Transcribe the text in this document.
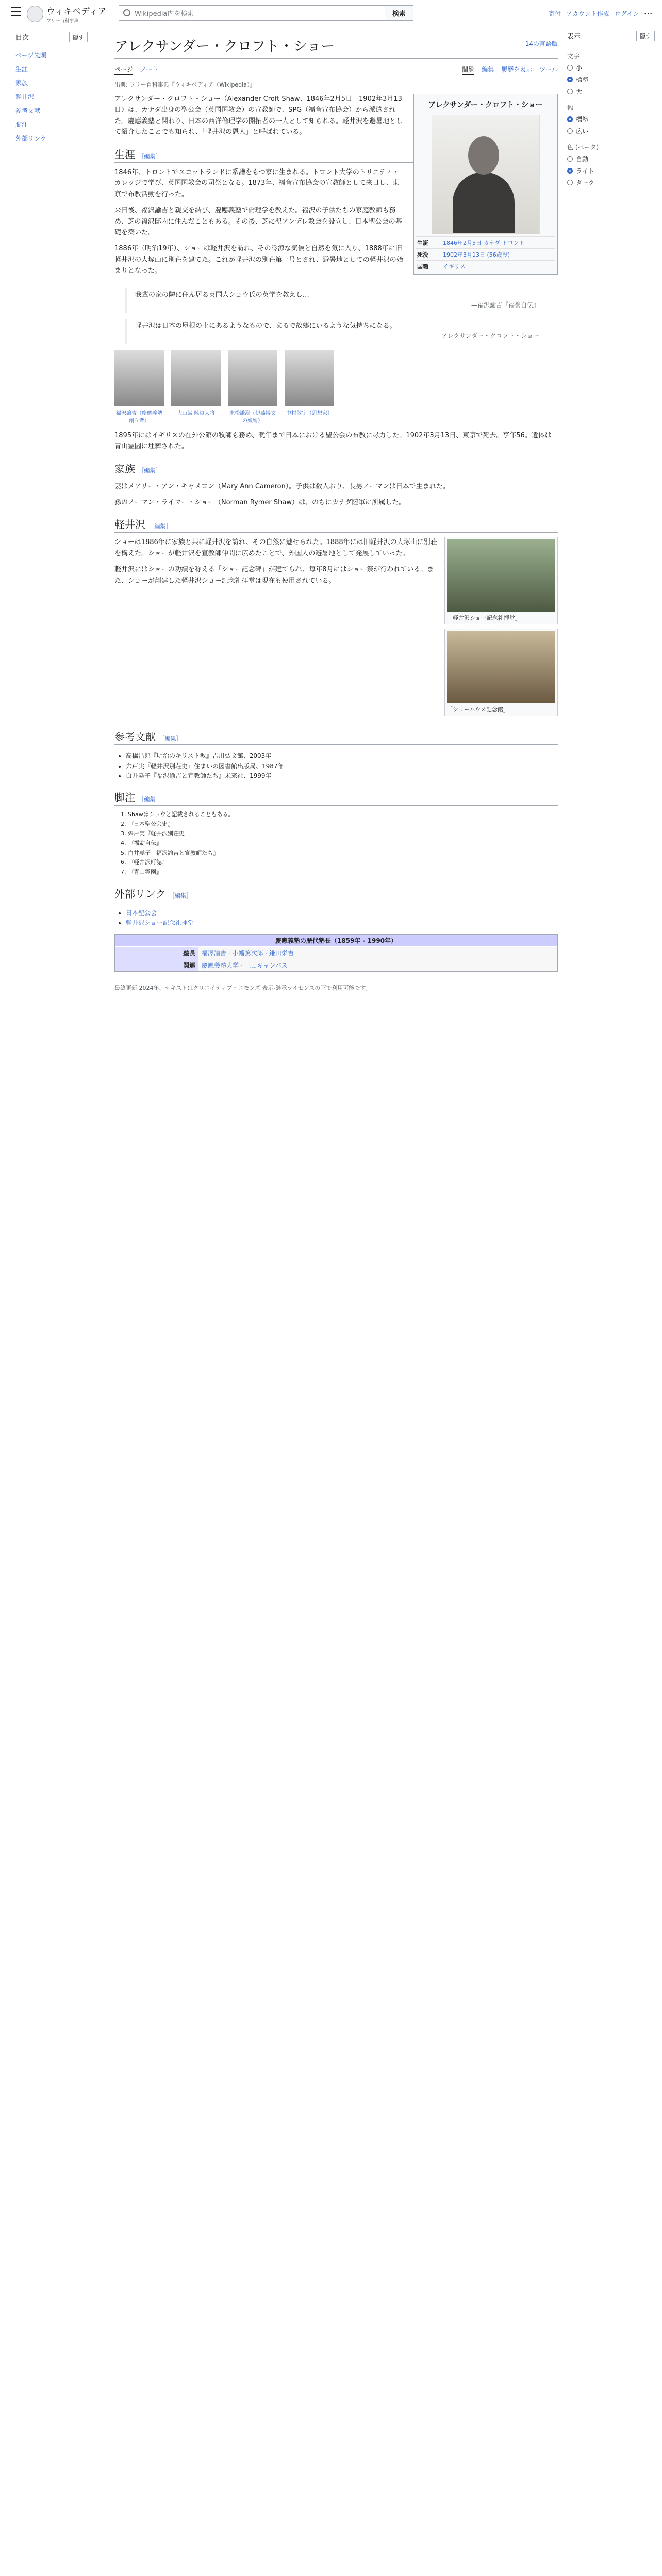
ウィキペディア
フリー百科事典
Wikipedia内を検索	検索	寄付 アカウント作成 ログイン ···
目次	隠す
ページ先頭
生涯
家族
軽井沢
参考文献
脚注
外部リンク
アレクサンダー・クロフト・ショー	14の言語版
ページ ノート	閲覧 編集 履歴を表示 ツール
出典: フリー百科事典『ウィキペディア（Wikipedia）』
アレクサンダー・クロフト・ショー
生誕	1846年2月5日 カナダ トロント
死没	1902年3月13日 (56歳没)
国籍	イギリス

アレクサンダー・クロフト・ショー（Alexander Croft Shaw、1846年2月5日 - 1902年3月13日）は、カナダ出身の聖公会（英国国教会）の宣教師で、SPG（福音宣布協会）から派遣された。慶應義塾と関わり、日本の西洋倫理学の開拓者の一人として知られる。軽井沢を避暑地として紹介したことでも知られ、「軽井沢の恩人」と呼ばれている。

生涯 ［編集］

1846年、トロントでスコットランドに系譜をもつ家に生まれる。トロント大学のトリニティ・カレッジで学び、英国国教会の司祭となる。1873年、福音宣布協会の宣教師として来日し、東京で布教活動を行った。

来日後、福沢諭吉と親交を結び、慶應義塾で倫理学を教えた。福沢の子供たちの家庭教師も務め、芝の福沢邸内に住んだこともある。その後、芝に聖アンデレ教会を設立し、日本聖公会の基礎を築いた。

1886年（明治19年）、ショーは軽井沢を訪れ、その冷涼な気候と自然を気に入り、1888年に旧軽井沢の大塚山に別荘を建てた。これが軽井沢の別荘第一号とされ、避暑地としての軽井沢の始まりとなった。

我輩の家の隣に住ん居る英国人ショウ氏の英学を教えし…
—福沢諭吉『福翁自伝』
軽井沢は日本の屋根の上にあるようなもので、まるで故郷にいるような気持ちになる。
—アレクサンダー・クロフト・ショー
福沢諭吉（慶應義塾創立者）
大山巌 陸軍大将	末松謙澄（伊藤博文の娘婿）
中村敬宇（思想家）

1895年にはイギリスの在外公館の牧師も務め、晩年まで日本における聖公会の布教に尽力した。1902年3月13日、東京で死去。享年56。遺体は青山霊園に埋葬された。

家族 ［編集］

妻はメアリー・アン・キャメロン（Mary Ann Cameron）。子供は数人おり、長男ノーマンは日本で生まれた。

孫のノーマン・ライマー・ショー（Norman Rymer Shaw）は、のちにカナダ陸軍に所属した。

軽井沢 ［編集］
「軽井沢ショー記念礼拝堂」

ショーは1886年に家族と共に軽井沢を訪れ、その自然に魅せられた。1888年には旧軽井沢の大塚山に別荘を構えた。ショーが軽井沢を宣教師仲間に広めたことで、外国人の避暑地として発展していった。

「ショーハウス記念館」

軽井沢にはショーの功績を称える「ショー記念碑」が建てられ、毎年8月にはショー祭が行われている。また、ショーが創建した軽井沢ショー記念礼拝堂は現在も使用されている。

参考文献 ［編集］
• 高橋昌郎『明治のキリスト教』吉川弘文館、2003年
• 宍戸実『軽井沢別荘史』住まいの図書館出版局、1987年
• 白井堯子『福沢諭吉と宣教師たち』未來社、1999年
脚注 ［編集］
1. Shawはショウと記載されることもある。
2. 『日本聖公会史』
3. 宍戸実『軽井沢別荘史』
4. 『福翁自伝』
5. 白井堯子『福沢諭吉と宣教師たち』
6. 『軽井沢町誌』
7. 『青山霊園』
外部リンク ［編集］
• 日本聖公会
• 軽井沢ショー記念礼拝堂
慶應義塾の歴代塾長（1859年 - 1990年）
塾長	福澤諭吉 · 小幡篤次郎 · 鎌田栄吉
関連	慶應義塾大学 · 三田キャンパス
最終更新 2024年、テキストはクリエイティブ・コモンズ 表示-継承ライセンスの下で利用可能です。
表示	隠す
文字
小
標準
大
幅
標準
広い
色 (ベータ)
自動
ライト
ダーク
